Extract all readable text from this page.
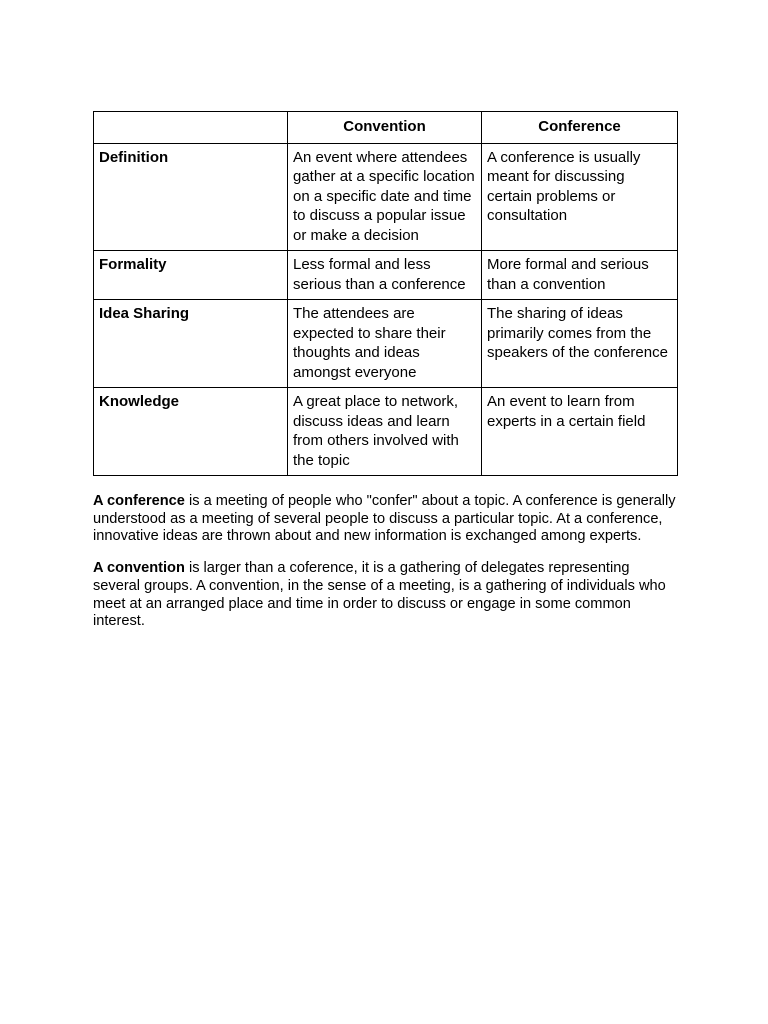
	Convention	Conference
Definition	An event where attendees gather at a specific location on a specific date and time to discuss a popular issue or make a decision	A conference is usually meant for discussing certain problems or consultation
Formality	Less formal and less serious than a conference	More formal and serious than a convention
Idea Sharing	The attendees are expected to share their thoughts and ideas amongst everyone	The sharing of ideas primarily comes from the speakers of the conference
Knowledge	A great place to network, discuss ideas and learn from others involved with the topic	An event to learn from experts in a certain field

A conference is a meeting of people who "confer" about a topic. A conference is generally understood as a meeting of several people to discuss a particular topic. At a conference, innovative ideas are thrown about and new information is exchanged among experts.

A convention is larger than a coference, it is a gathering of delegates representing several groups. A convention, in the sense of a meeting, is a gathering of individuals who meet at an arranged place and time in order to discuss or engage in some common interest.
